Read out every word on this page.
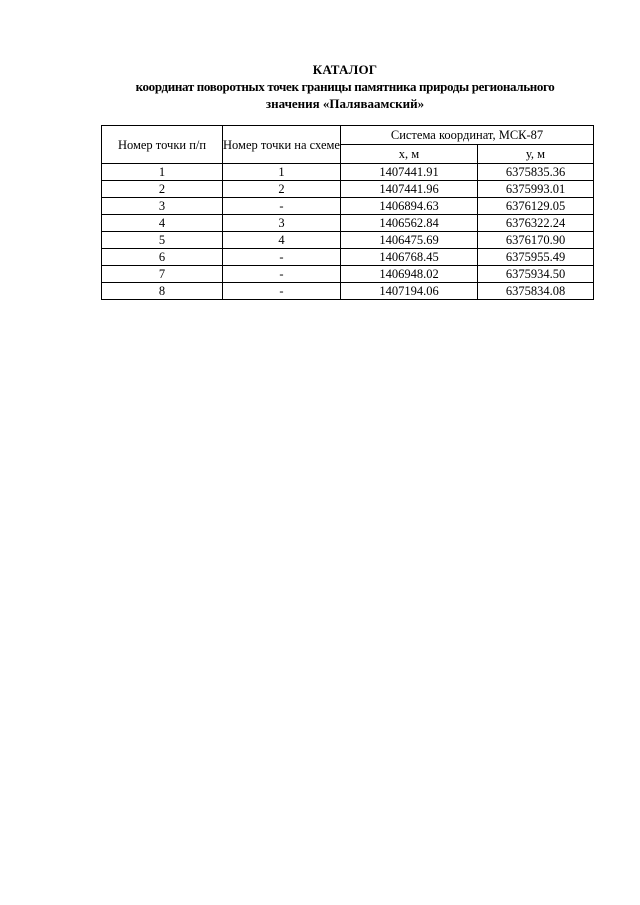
КАТАЛОГ
координат поворотных точек границы памятника природы регионального
значения «Паляваамский»
Номер точки п/п	Номер точки на схеме	Система координат, МСК-87	
		х, м	у, м
1	1	1407441.91	6375835.36
2	2	1407441.96	6375993.01
3	-	1406894.63	6376129.05
4	3	1406562.84	6376322.24
5	4	1406475.69	6376170.90
6	-	1406768.45	6375955.49
7	-	1406948.02	6375934.50
8	-	1407194.06	6375834.08
